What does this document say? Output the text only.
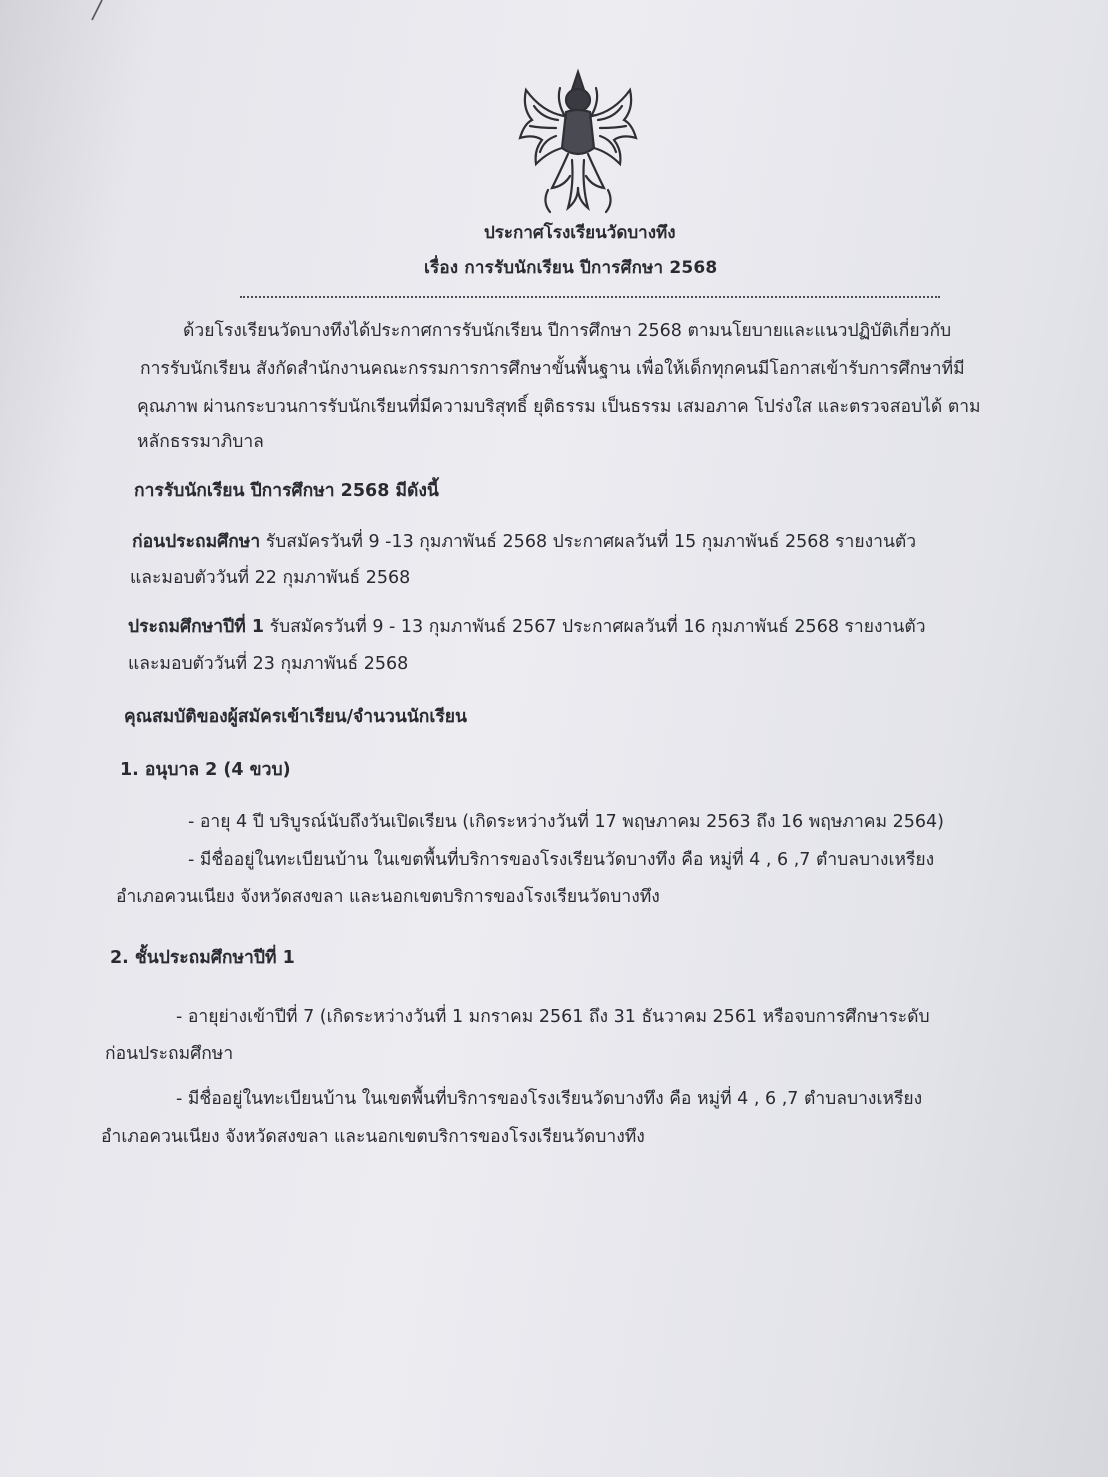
ประกาศโรงเรียนวัดบางทึง
เรื่อง การรับนักเรียน ปีการศึกษา 2568
ด้วยโรงเรียนวัดบางทึงได้ประกาศการรับนักเรียน ปีการศึกษา 2568 ตามนโยบายและแนวปฏิบัติเกี่ยวกับ
การรับนักเรียน สังกัดสำนักงานคณะกรรมการการศึกษาขั้นพื้นฐาน เพื่อให้เด็กทุกคนมีโอกาสเข้ารับการศึกษาที่มี
คุณภาพ ผ่านกระบวนการรับนักเรียนที่มีความบริสุทธิ์ ยุติธรรม เป็นธรรม เสมอภาค โปร่งใส และตรวจสอบได้ ตาม
หลักธรรมาภิบาล
การรับนักเรียน ปีการศึกษา 2568 มีดังนี้
ก่อนประถมศึกษา รับสมัครวันที่ 9 -13 กุมภาพันธ์ 2568 ประกาศผลวันที่ 15 กุมภาพันธ์ 2568 รายงานตัว
และมอบตัววันที่ 22 กุมภาพันธ์ 2568
ประถมศึกษาปีที่ 1 รับสมัครวันที่ 9 - 13 กุมภาพันธ์ 2567 ประกาศผลวันที่ 16 กุมภาพันธ์ 2568 รายงานตัว
และมอบตัววันที่ 23 กุมภาพันธ์ 2568
คุณสมบัติของผู้สมัครเข้าเรียน/จำนวนนักเรียน
1. อนุบาล 2 (4 ขวบ)
- อายุ 4 ปี บริบูรณ์นับถึงวันเปิดเรียน (เกิดระหว่างวันที่ 17 พฤษภาคม 2563 ถึง 16 พฤษภาคม 2564)
- มีชื่ออยู่ในทะเบียนบ้าน ในเขตพื้นที่บริการของโรงเรียนวัดบางทึง คือ หมู่ที่ 4 , 6 ,7 ตำบลบางเหรียง
อำเภอควนเนียง จังหวัดสงขลา และนอกเขตบริการของโรงเรียนวัดบางทึง
2. ชั้นประถมศึกษาปีที่ 1
- อายุย่างเข้าปีที่ 7 (เกิดระหว่างวันที่ 1 มกราคม 2561 ถึง 31 ธันวาคม 2561 หรือจบการศึกษาระดับ
ก่อนประถมศึกษา
- มีชื่ออยู่ในทะเบียนบ้าน ในเขตพื้นที่บริการของโรงเรียนวัดบางทึง คือ หมู่ที่ 4 , 6 ,7 ตำบลบางเหรียง
อำเภอควนเนียง จังหวัดสงขลา และนอกเขตบริการของโรงเรียนวัดบางทึง
